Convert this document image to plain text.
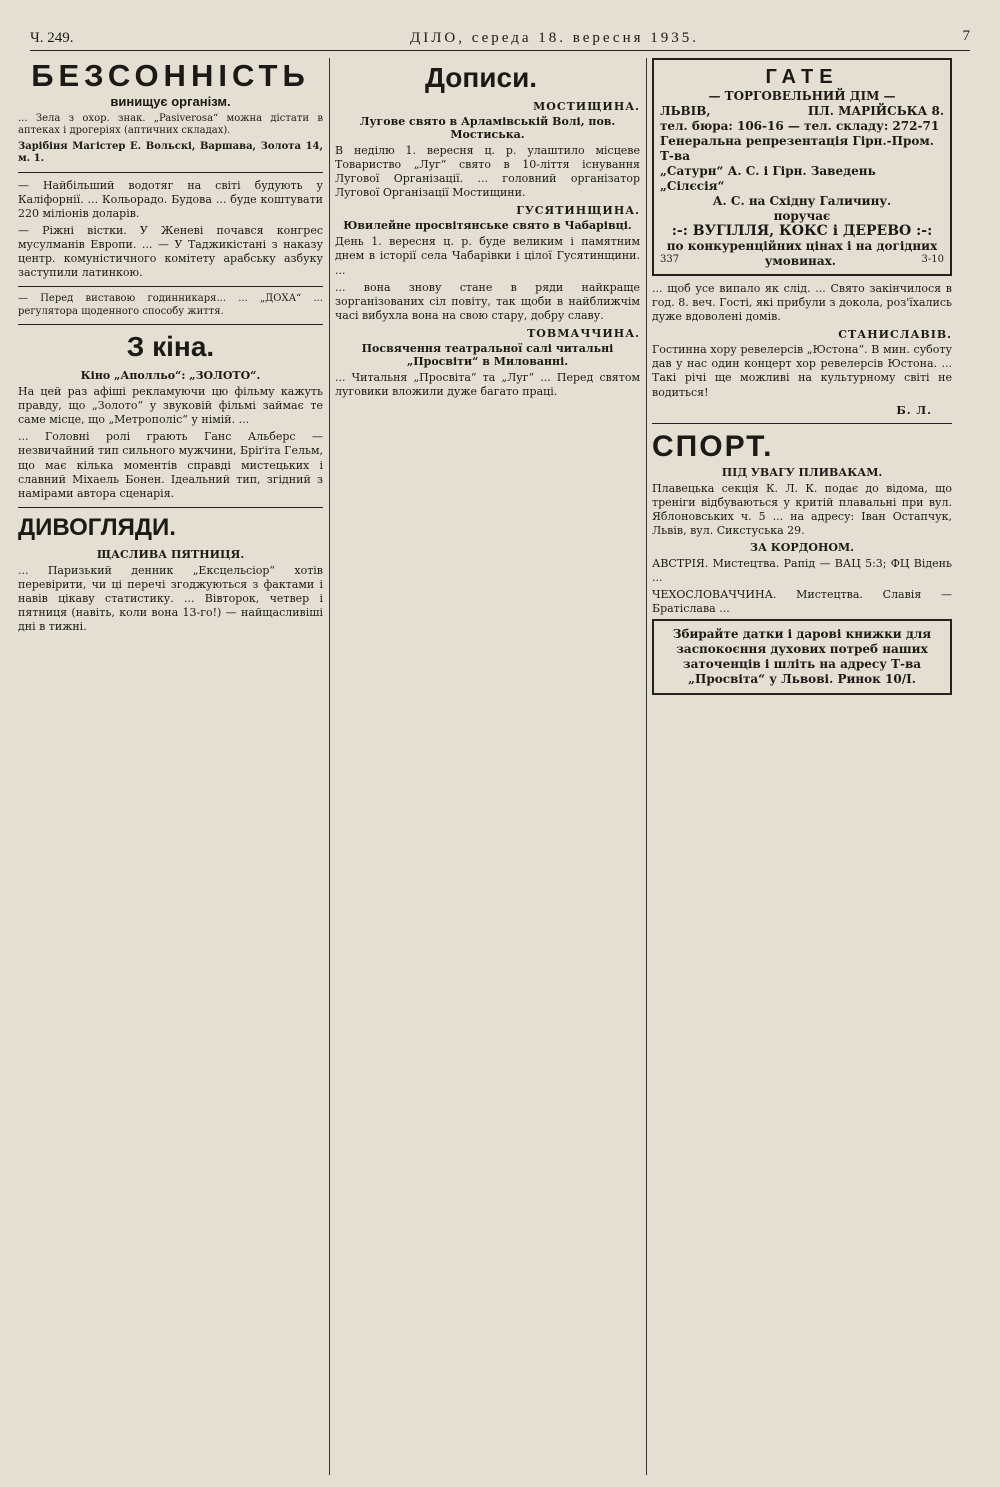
Ч. 249.	ДІЛО, середа 18. вересня 1935.	7
БЕЗСОННІСТЬ
винищує організм.

... Зела з охор. знак. „Pasiverosa“ можна дістати в аптеках і дрогеріях (аптичних складах).

Зарібіня Магістер Е. Вольскі, Варшава, Золота 14, м. 1.

— Найбільший водотяг на світі будують у Каліфорнії. ... Кольорадо. Будова ... буде коштувати 220 міліонів доларів.

— Ріжні вістки. У Женеві почався конгрес мусулманів Европи. ... — У Таджикістані з наказу центр. комуністичного комітету арабську азбуку заступили латинкою.

— Перед виставою годинникаря... ... „ДОХА“ ... регулятора щоденного способу життя.

З кіна.
Кіно „Аполльо“: „ЗОЛОТО“.

На цей раз афіші рекламуючи цю фільму кажуть правду, що „Золото“ у звуковій фільмі займає те саме місце, що „Метрополіс“ у німій. ...

... Головні ролі грають Ганс Альберс — незвичайний тип сильного мужчини, Бріґіта Гельм, що має кілька моментів справді мистецьких і славний Міхаель Бонен. Ідеальний тип, згідний з намірами автора сценарія.

ДИВОГЛЯДИ.
ЩАСЛИВА ПЯТНИЦЯ.

... Паризький денник „Ексцельсіор“ хотів перевірити, чи ці перечі згоджуються з фактами і навів цікаву статистику. ... Вівторок, четвер і пятниця (навіть, коли вона 13-го!) — найщасливіші дні в тижні.

Дописи.
МОСТИЩИНА.
Лугове свято в Арламівській Волі, пов. Мостиська.

В неділю 1. вересня ц. р. улаштило місцеве Товариство „Луг“ свято в 10-ліття існування Лугової Організації. ... головний організатор Лугової Організації Мостищини.

ГУСЯТИНЩИНА.
Ювилейне просвітянське свято в Чабарівці.

День 1. вересня ц. р. буде великим і памятним днем в історії села Чабарівки і цілої Гусятинщини. ...

... вона знову стане в ряди найкраще зорганізованих сіл повіту, так щоби в найближчім часі вибухла вона на свою стару, добру славу.

ТОВМАЧЧИНА.
Посвячення театральної салі читальні „Просвіти“ в Милованні.

... Читальня „Просвіта“ та „Луг“ ... Перед святом луговики вложили дуже багато праці.

ГАТЕ
— ТОРГОВЕЛЬНИЙ ДІМ —
ЛЬВІВ,	ПЛ. МАРІЙСЬКА 8.
тел. бюра: 106-16 — тел. складу: 272-71
Генеральна репрезентація Гірн.-Пром. Т-ва
„Сатурн“ А. С. і Гірн. Заведень „Сілєсія“
А. С. на Східну Галичину.
поручає
:-: ВУГІЛЛЯ, КОКС і ДЕРЕВО :-:
по конкуренційних цінах і на догідних
337	умовинах.	3-10

... щоб усе випало як слід. ... Свято закінчилося в год. 8. веч. Гості, які прибули з докола, роз'їхались дуже вдоволені домів.

СТАНИСЛАВІВ.

Гостинна хору ревелерсів „Юстона“. В мин. суботу дав у нас один концерт хор ревелерсів Юстона. ... Такі річі ще можливі на культурному світі не водиться!

Б. Л.
СПОРТ.
ПІД УВАГУ ПЛИВАКАМ.

Плавецька секція К. Л. К. подає до відома, що треніги відбуваються у критій плавальні при вул. Яблоновських ч. 5 ... на адресу: Іван Остапчук, Львів, вул. Сикстуська 29.

ЗА КОРДОНОМ.

АВСТРІЯ. Мистецтва. Рапід — ВАЦ 5:3; ФЦ Відень ...

ЧЕХОСЛОВАЧЧИНА. Мистецтва. Славія — Братіслава ...

Збирайте датки і дарові книжки для заспокоєння духових потреб наших заточенців і шліть на адресу Т-ва „Просвіта“ у Львові. Ринок 10/І.
